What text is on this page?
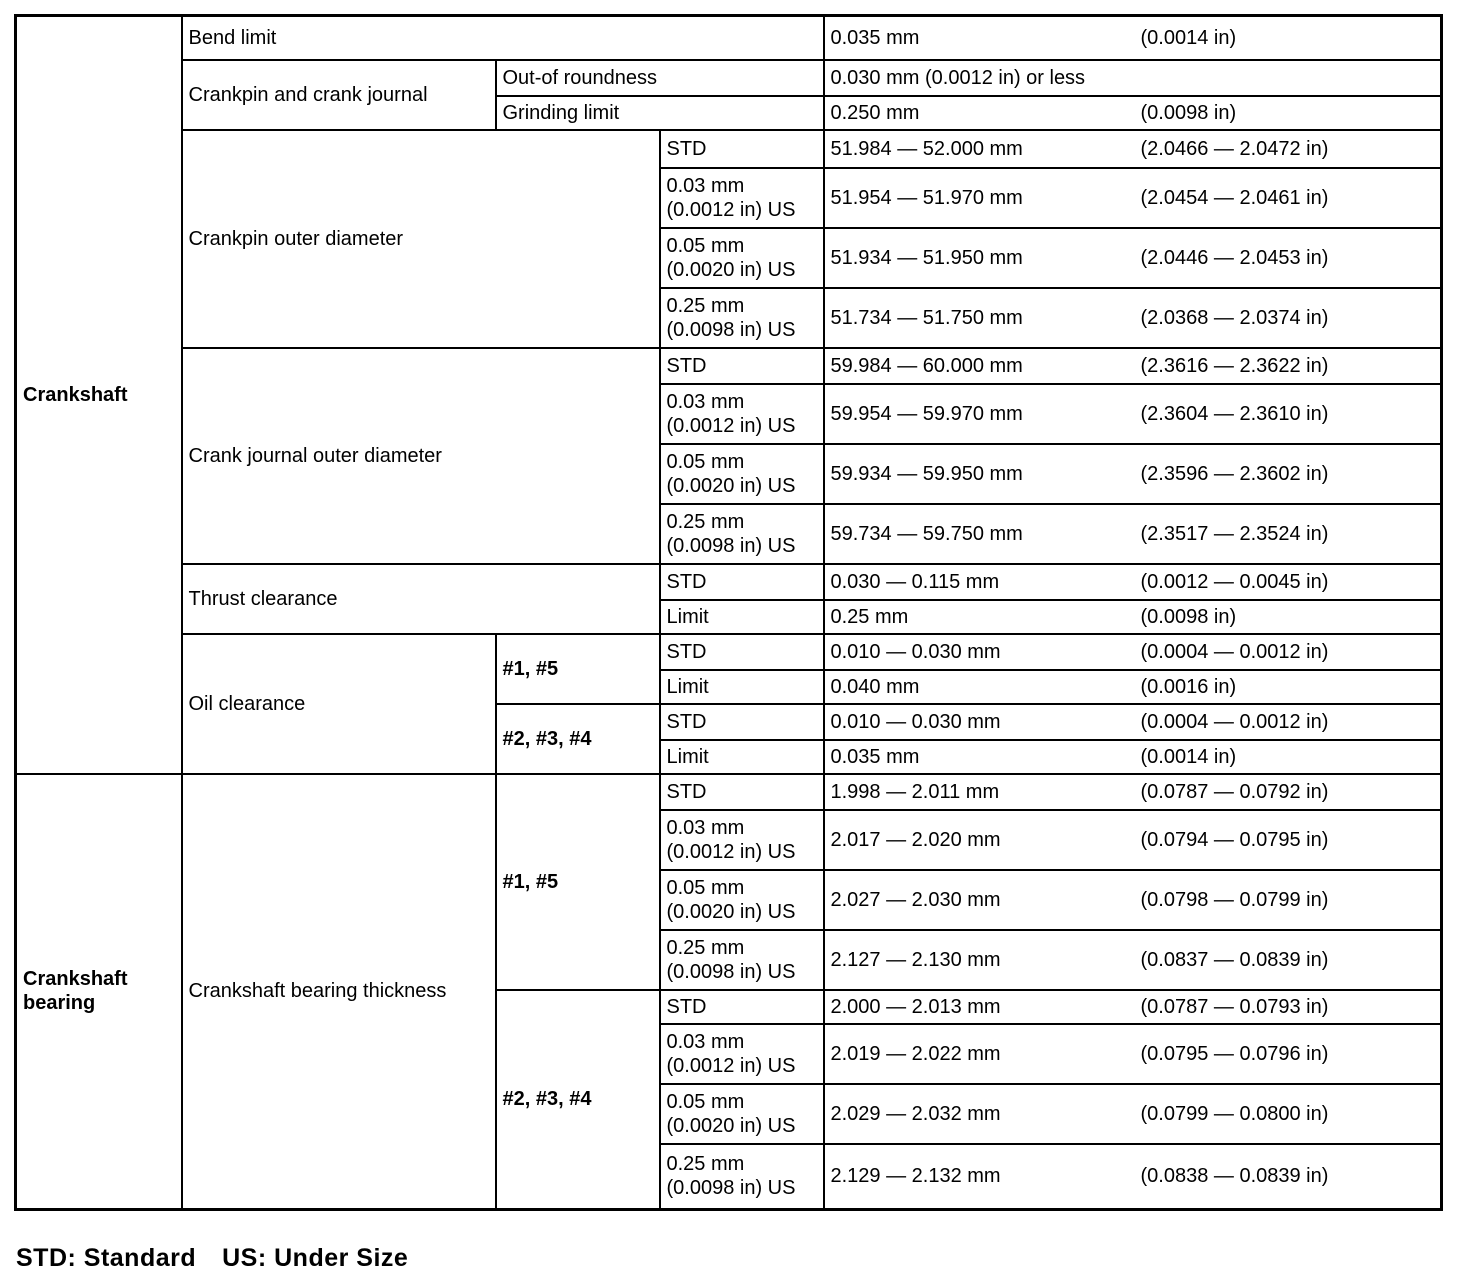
Crankshaft	Bend limit			0.035 mm (0.0014 in)

	Crankpin and crank journal	Out-of roundness		0.030 mm (0.0012 in) or less
		Grinding limit		0.250 mm (0.0098 in)

	Crankpin outer diameter		STD	51.984 — 52.000 mm (2.0466 — 2.0472 in)

			0.03 mm (0.0012 in) US	51.954 — 51.970 mm (2.0454 — 2.0461 in)

			0.05 mm (0.0020 in) US	51.934 — 51.950 mm (2.0446 — 2.0453 in)

			0.25 mm (0.0098 in) US	51.734 — 51.750 mm (2.0368 — 2.0374 in)

	Crank journal outer diameter		STD	59.984 — 60.000 mm (2.3616 — 2.3622 in)

			0.03 mm (0.0012 in) US	59.954 — 59.970 mm (2.3604 — 2.3610 in)

			0.05 mm (0.0020 in) US	59.934 — 59.950 mm (2.3596 — 2.3602 in)

			0.25 mm (0.0098 in) US	59.734 — 59.750 mm (2.3517 — 2.3524 in)

	Thrust clearance		STD	0.030 — 0.115 mm (0.0012 — 0.0045 in)

			Limit	0.25 mm (0.0098 in)

	Oil clearance	#1, #5	STD	0.010 — 0.030 mm (0.0004 — 0.0012 in)

			Limit	0.040 mm (0.0016 in)

		#2, #3, #4	STD	0.010 — 0.030 mm (0.0004 — 0.0012 in)

			Limit	0.035 mm (0.0014 in)

Crankshaft bearing	Crankshaft bearing thickness	#1, #5	STD	1.998 — 2.011 mm (0.0787 — 0.0792 in)

			0.03 mm (0.0012 in) US	2.017 — 2.020 mm (0.0794 — 0.0795 in)

			0.05 mm (0.0020 in) US	2.027 — 2.030 mm (0.0798 — 0.0799 in)

			0.25 mm (0.0098 in) US	2.127 — 2.130 mm (0.0837 — 0.0839 in)

		#2, #3, #4	STD	2.000 — 2.013 mm (0.0787 — 0.0793 in)

			0.03 mm (0.0012 in) US	2.019 — 2.022 mm (0.0795 — 0.0796 in)

			0.05 mm (0.0020 in) US	2.029 — 2.032 mm (0.0799 — 0.0800 in)

			0.25 mm (0.0098 in) US	2.129 — 2.132 mm (0.0838 — 0.0839 in)
STD: Standard US: Under Size
